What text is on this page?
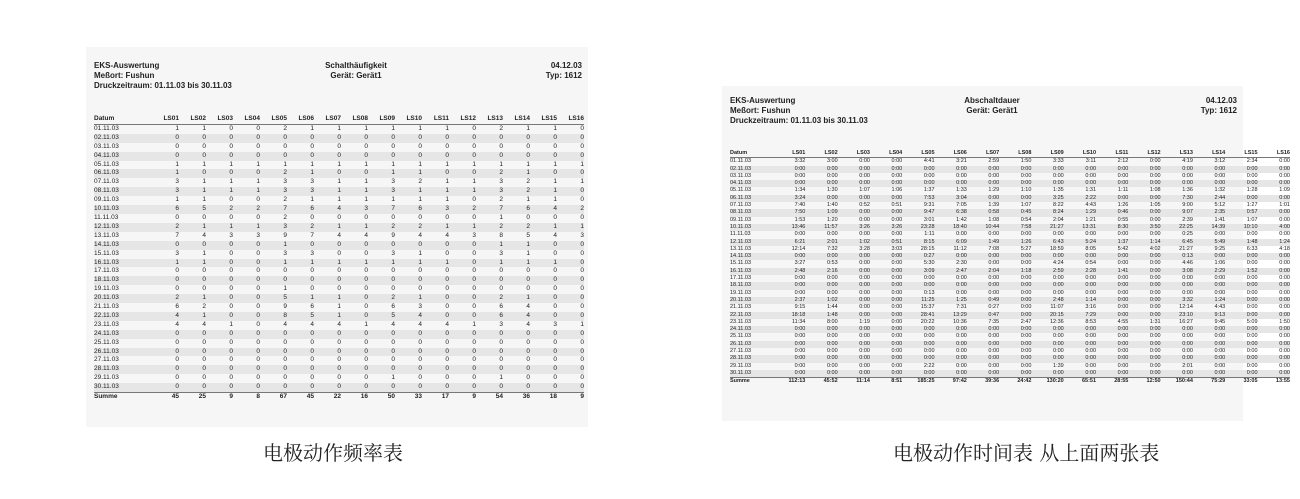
EKS-Auswertung
Meßort: Fushun
Druckzeitraum: 01.11.03 bis 30.11.03
Schalthäufigkeit
Gerät: Gerät1
04.12.03
Typ: 1612
Datum	LS01	LS02	LS03	LS04	LS05	LS06	LS07	LS08	LS09	LS10	LS11	LS12	LS13	LS14	LS15	LS16
01.11.03	1	1	0	0	2	1	1	1	1	1	1	0	2	1	1	0
02.11.03	0	0	0	0	0	0	0	0	0	0	0	0	0	0	0	0
03.11.03	0	0	0	0	0	0	0	0	0	0	0	0	0	0	0	0
04.11.03	0	0	0	0	0	0	0	0	0	0	0	0	0	0	0	0
05.11.03	1	1	1	1	1	1	1	1	1	1	1	1	1	1	1	1
06.11.03	1	0	0	0	2	1	0	0	1	1	0	0	2	1	0	0
07.11.03	3	1	1	1	3	3	1	1	3	2	1	1	3	2	1	1
08.11.03	3	1	1	1	3	3	1	1	3	1	1	1	3	2	1	0
09.11.03	1	1	0	0	2	1	1	1	1	1	1	0	2	1	1	0
10.11.03	6	5	2	2	7	6	4	3	7	6	3	2	7	6	4	2
11.11.03	0	0	0	0	2	0	0	0	0	0	0	0	1	0	0	0
12.11.03	2	1	1	1	3	2	1	1	2	2	1	1	2	2	1	1
13.11.03	7	4	3	3	9	7	4	4	9	4	4	3	8	5	4	3
14.11.03	0	0	0	0	1	0	0	0	0	0	0	0	1	1	0	0
15.11.03	3	1	0	0	3	3	0	0	3	1	0	0	3	1	0	0
16.11.03	1	1	0	0	1	1	1	1	1	1	1	0	1	1	1	0
17.11.03	0	0	0	0	0	0	0	0	0	0	0	0	0	0	0	0
18.11.03	0	0	0	0	0	0	0	0	0	0	0	0	0	0	0	0
19.11.03	0	0	0	0	1	0	0	0	0	0	0	0	0	0	0	0
20.11.03	2	1	0	0	5	1	1	0	2	1	0	0	2	1	0	0
21.11.03	6	2	0	0	9	6	1	0	6	3	0	0	6	4	0	0
22.11.03	4	1	0	0	8	5	1	0	5	4	0	0	6	4	0	0
23.11.03	4	4	1	0	4	4	4	1	4	4	4	1	3	4	3	1
24.11.03	0	0	0	0	0	0	0	0	0	0	0	0	0	0	0	0
25.11.03	0	0	0	0	0	0	0	0	0	0	0	0	0	0	0	0
26.11.03	0	0	0	0	0	0	0	0	0	0	0	0	0	0	0	0
27.11.03	0	0	0	0	0	0	0	0	0	0	0	0	0	0	0	0
28.11.03	0	0	0	0	0	0	0	0	0	0	0	0	0	0	0	0
29.11.03	0	0	0	0	0	0	0	0	1	0	0	0	1	0	0	0
30.11.03	0	0	0	0	0	0	0	0	0	0	0	0	0	0	0	0
Summe	45	25	9	8	67	45	22	16	50	33	17	9	54	36	18	9
EKS-Auswertung
Meßort: Fushun
Druckzeitraum: 01.11.03 bis 30.11.03
Abschaltdauer
Gerät: Gerät1
04.12.03
Typ: 1612
Datum	LS01	LS02	LS03	LS04	LS05	LS06	LS07	LS08	LS09	LS10	LS11	LS12	LS13	LS14	LS15	LS16
01.11.03	3:32	3:00	0:00	0:00	4:41	3:21	2:59	1:50	3:33	3:11	2:12	0:00	4:19	3:12	2:34	0:00
02.11.03	0:00	0:00	0:00	0:00	0:00	0:00	0:00	0:00	0:00	0:00	0:00	0:00	0:00	0:00	0:00	0:00
03.11.03	0:00	0:00	0:00	0:00	0:00	0:00	0:00	0:00	0:00	0:00	0:00	0:00	0:00	0:00	0:00	0:00
04.11.03	0:00	0:00	0:00	0:00	0:00	0:00	0:00	0:00	0:00	0:00	0:00	0:00	0:00	0:00	0:00	0:00
05.11.03	1:34	1:30	1:07	1:06	1:37	1:33	1:29	1:10	1:35	1:31	1:11	1:08	1:36	1:32	1:28	1:09
06.11.03	3:24	0:00	0:00	0:00	7:53	3:04	0:00	0:00	3:25	2:22	0:00	0:00	7:30	2:44	0:00	0:00
07.11.03	7:40	1:40	0:52	0:51	9:31	7:05	1:39	1:07	8:22	4:43	1:26	1:05	9:00	5:12	1:27	1:01
08.11.03	7:50	1:09	0:00	0:00	9:47	6:38	0:58	0:45	8:24	1:29	0:46	0:00	9:07	2:35	0:57	0:00
09.11.03	1:53	1:20	0:00	0:00	3:01	1:42	1:08	0:54	2:04	1:21	0:55	0:00	2:39	1:41	1:07	0:00
10.11.03	13:46	11:57	3:26	3:26	23:28	18:40	10:44	7:58	21:27	13:31	8:30	3:50	22:25	14:39	10:10	4:00
11.11.03	0:00	0:00	0:00	0:00	1:11	0:00	0:00	0:00	0:00	0:00	0:00	0:00	0:25	0:00	0:00	0:00
12.11.03	6:21	2:01	1:02	0:51	8:15	6:09	1:49	1:26	6:43	5:24	1:37	1:14	6:45	5:49	1:48	1:24
13.11.03	12:14	7:32	3:28	3:03	28:15	11:12	7:08	5:27	18:59	8:05	5:42	4:02	21:27	9:25	6:33	4:18
14.11.03	0:00	0:00	0:00	0:00	0:27	0:00	0:00	0:00	0:00	0:00	0:00	0:00	0:13	0:00	0:00	0:00
15.11.03	3:27	0:53	0:00	0:00	5:30	2:30	0:00	0:00	4:24	0:54	0:00	0:00	4:46	1:06	0:00	0:00
16.11.03	2:48	2:16	0:00	0:00	3:09	2:47	2:04	1:18	2:59	2:28	1:41	0:00	3:08	2:29	1:52	0:00
17.11.03	0:00	0:00	0:00	0:00	0:00	0:00	0:00	0:00	0:00	0:00	0:00	0:00	0:00	0:00	0:00	0:00
18.11.03	0:00	0:00	0:00	0:00	0:00	0:00	0:00	0:00	0:00	0:00	0:00	0:00	0:00	0:00	0:00	0:00
19.11.03	0:00	0:00	0:00	0:00	0:13	0:00	0:00	0:00	0:00	0:00	0:00	0:00	0:00	0:00	0:00	0:00
20.11.03	2:37	1:02	0:00	0:00	11:25	1:25	0:49	0:00	2:48	1:14	0:00	0:00	3:32	1:24	0:00	0:00
21.11.03	9:15	1:44	0:00	0:00	15:37	7:31	0:27	0:00	11:07	3:16	0:00	0:00	12:14	4:43	0:00	0:00
22.11.03	18:18	1:48	0:00	0:00	28:41	13:29	0:47	0:00	20:15	7:29	0:00	0:00	23:10	9:13	0:00	0:00
23.11.03	11:34	8:00	1:19	0:00	20:22	10:36	7:35	2:47	12:36	8:53	4:55	1:31	16:27	9:45	5:09	1:50
24.11.03	0:00	0:00	0:00	0:00	0:00	0:00	0:00	0:00	0:00	0:00	0:00	0:00	0:00	0:00	0:00	0:00
25.11.03	0:00	0:00	0:00	0:00	0:00	0:00	0:00	0:00	0:00	0:00	0:00	0:00	0:00	0:00	0:00	0:00
26.11.03	0:00	0:00	0:00	0:00	0:00	0:00	0:00	0:00	0:00	0:00	0:00	0:00	0:00	0:00	0:00	0:00
27.11.03	0:00	0:00	0:00	0:00	0:00	0:00	0:00	0:00	0:00	0:00	0:00	0:00	0:00	0:00	0:00	0:00
28.11.03	0:00	0:00	0:00	0:00	0:00	0:00	0:00	0:00	0:00	0:00	0:00	0:00	0:00	0:00	0:00	0:00
29.11.03	0:00	0:00	0:00	0:00	2:22	0:00	0:00	0:00	1:39	0:00	0:00	0:00	2:01	0:00	0:00	0:00
30.11.03	0:00	0:00	0:00	0:00	0:00	0:00	0:00	0:00	0:00	0:00	0:00	0:00	0:00	0:00	0:00	0:00
Summe	112:13	45:52	11:14	8:51	185:25	97:42	39:36	24:42	130:20	65:51	28:55	12:50	150:44	75:29	33:05	13:55
电极动作频率表	电极动作时间表 从上面两张表
